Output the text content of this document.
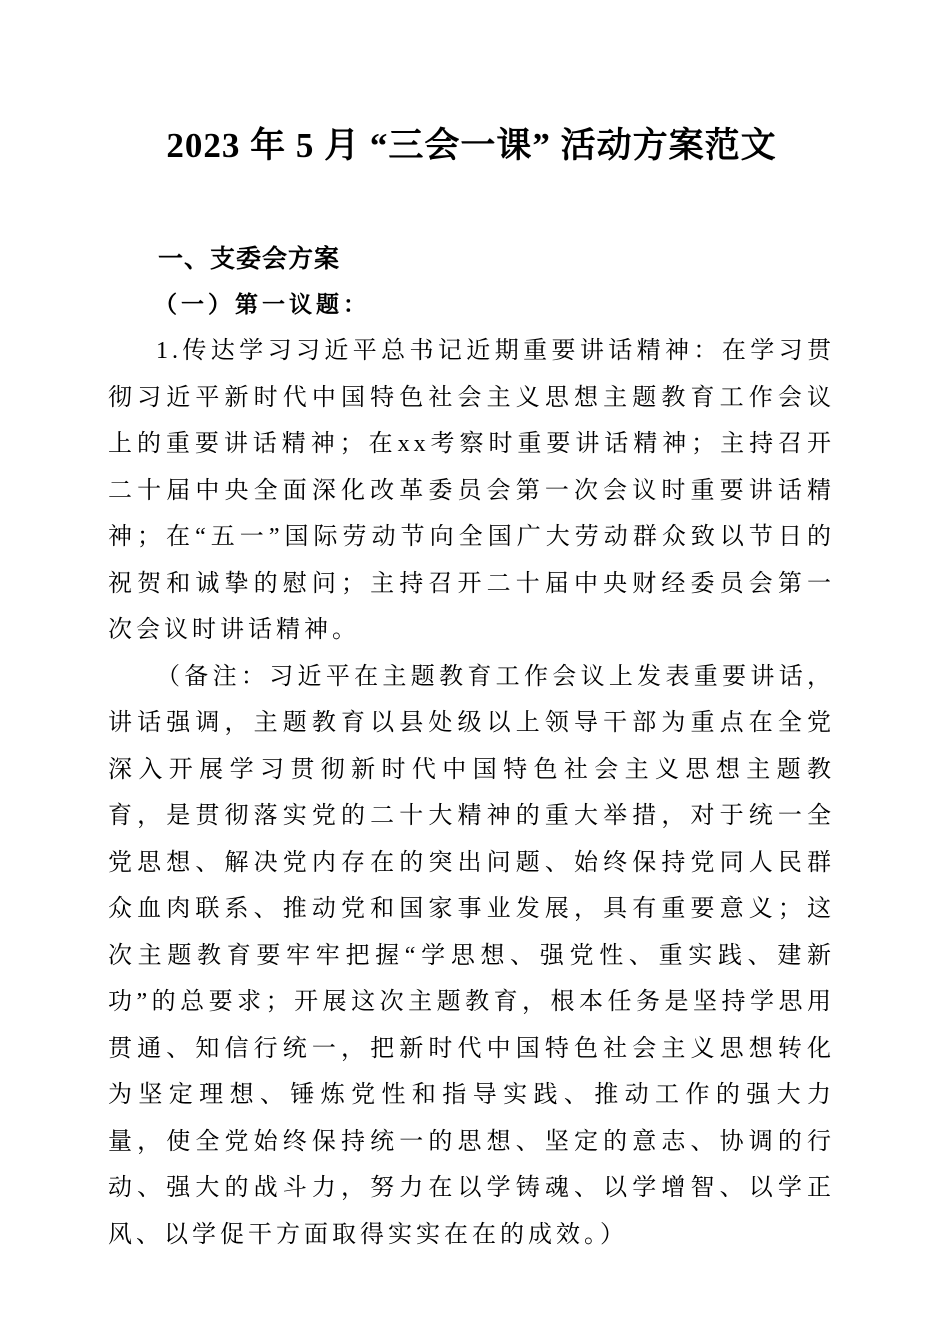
2023 年 5 月 “三会一课” 活动方案范文
一、支委会方案
（一）第一议题：

1.传达学习习近平总书记近期重要讲话精神：在学习贯彻习近平新时代中国特色社会主义思想主题教育工作会议上的重要讲话精神；在xx考察时重要讲话精神；主持召开二十届中央全面深化改革委员会第一次会议时重要讲话精神；在“五一”国际劳动节向全国广大劳动群众致以节日的祝贺和诚挚的慰问；主持召开二十届中央财经委员会第一次会议时讲话精神。

（备注：习近平在主题教育工作会议上发表重要讲话，讲话强调，主题教育以县处级以上领导干部为重点在全党深入开展学习贯彻新时代中国特色社会主义思想主题教育，是贯彻落实党的二十大精神的重大举措，对于统一全党思想、解决党内存在的突出问题、始终保持党同人民群众血肉联系、推动党和国家事业发展，具有重要意义；这次主题教育要牢牢把握“学思想、强党性、重实践、建新功”的总要求；开展这次主题教育，根本任务是坚持学思用贯通、知信行统一，把新时代中国特色社会主义思想转化为坚定理想、锤炼党性和指导实践、推动工作的强大力量，使全党始终保持统一的思想、坚定的意志、协调的行动、强大的战斗力，努力在以学铸魂、以学增智、以学正风、以学促干方面取得实实在在的成效。）
